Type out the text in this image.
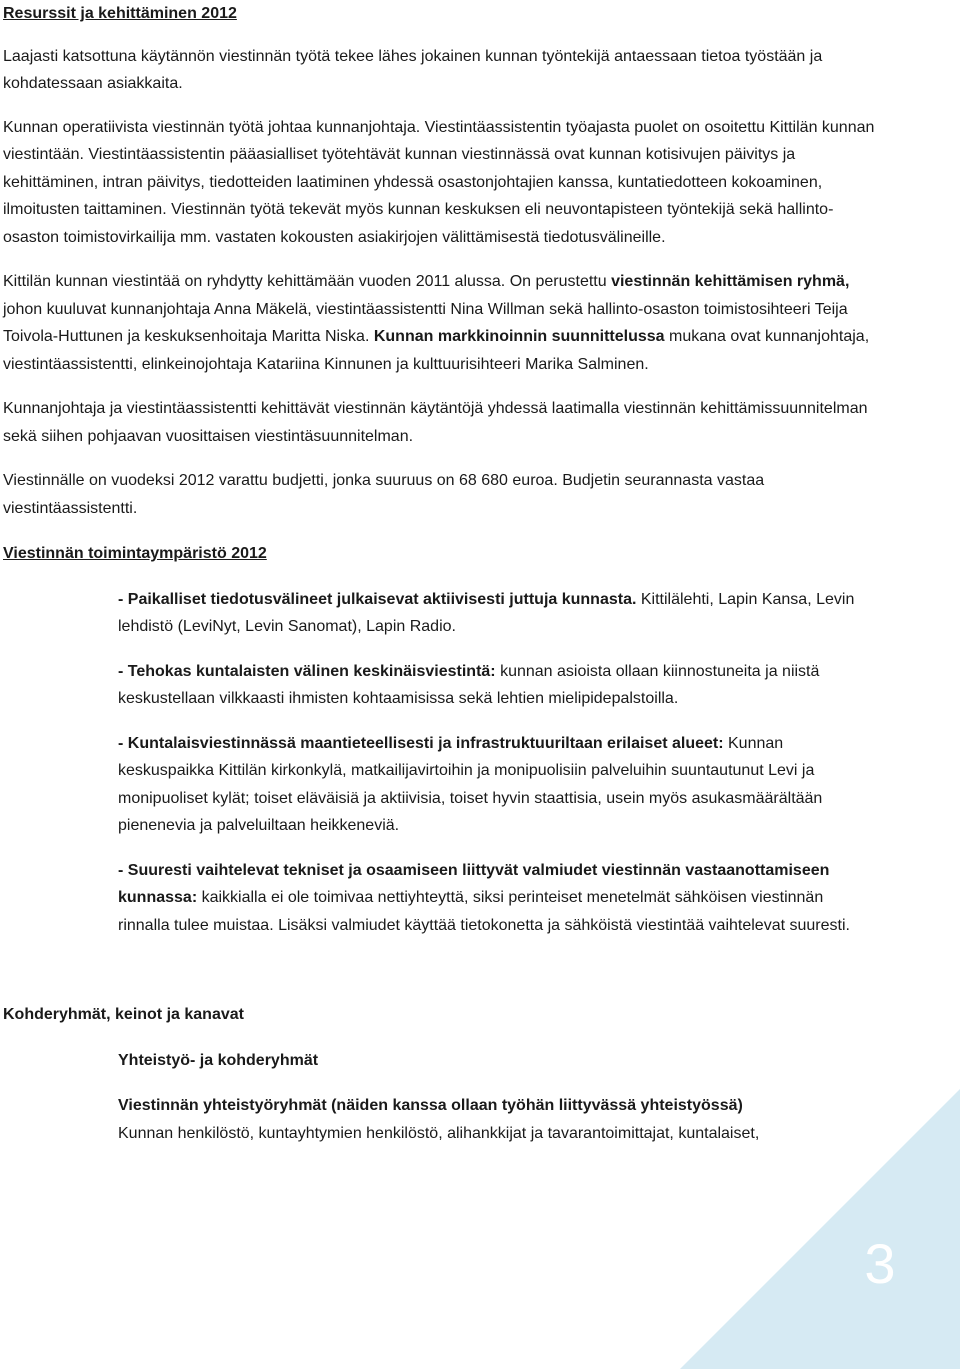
3

Resurssit ja kehittäminen 2012

Laajasti katsottuna käytännön viestinnän työtä tekee lähes jokainen kunnan työntekijä antaessaan tietoa työstään ja kohdatessaan asiakkaita.

Kunnan operatiivista viestinnän työtä johtaa kunnanjohtaja. Viestintäassistentin työajasta puolet on osoitettu Kittilän kunnan viestintään. Viestintäassistentin pääasialliset työtehtävät kunnan viestinnässä ovat kunnan kotisivujen päivitys ja kehittäminen, intran päivitys, tiedotteiden laatiminen yhdessä osastonjohtajien kanssa, kuntatiedotteen kokoaminen, ilmoitusten taittaminen. Viestinnän työtä tekevät myös kunnan keskuksen eli neuvontapisteen työntekijä sekä hallinto-osaston toimistovirkailija mm. vastaten kokousten asiakirjojen välittämisestä tiedotusvälineille.

Kittilän kunnan viestintää on ryhdytty kehittämään vuoden 2011 alussa. On perustettu viestinnän kehittämisen ryhmä, johon kuuluvat kunnanjohtaja Anna Mäkelä, viestintäassistentti Nina Willman sekä hallinto-osaston toimistosihteeri Teija Toivola-Huttunen ja keskuksenhoitaja Maritta Niska. Kunnan markkinoinnin suunnittelussa mukana ovat kunnanjohtaja, viestintäassistentti, elinkeinojohtaja Katariina Kinnunen ja kulttuurisihteeri Marika Salminen.

Kunnanjohtaja ja viestintäassistentti kehittävät viestinnän käytäntöjä yhdessä laatimalla viestinnän kehittämissuunnitelman sekä siihen pohjaavan vuosittaisen viestintäsuunnitelman.

Viestinnälle on vuodeksi 2012 varattu budjetti, jonka suuruus on 68 680 euroa. Budjetin seurannasta vastaa viestintäassistentti.

Viestinnän toimintaympäristö 2012

- Paikalliset tiedotusvälineet julkaisevat aktiivisesti juttuja kunnasta. Kittilälehti, Lapin Kansa, Levin lehdistö (LeviNyt, Levin Sanomat), Lapin Radio.

- Tehokas kuntalaisten välinen keskinäisviestintä: kunnan asioista ollaan kiinnostuneita ja niistä keskustellaan vilkkaasti ihmisten kohtaamisissa sekä lehtien mielipidepalstoilla.

- Kuntalaisviestinnässä maantieteellisesti ja infrastruktuuriltaan erilaiset alueet: Kunnan keskuspaikka Kittilän kirkonkylä, matkailijavirtoihin ja monipuolisiin palveluihin suuntautunut Levi ja monipuoliset kylät; toiset eläväisiä ja aktiivisia, toiset hyvin staattisia, usein myös asukasmäärältään pienenevia ja palveluiltaan heikkeneviä.

- Suuresti vaihtelevat tekniset ja osaamiseen liittyvät valmiudet viestinnän vastaanottamiseen kunnassa: kaikkialla ei ole toimivaa nettiyhteyttä, siksi perinteiset menetelmät sähköisen viestinnän rinnalla tulee muistaa. Lisäksi valmiudet käyttää tietokonetta ja sähköistä viestintää vaihtelevat suuresti.

Kohderyhmät, keinot ja kanavat

Yhteistyö- ja kohderyhmät

Viestinnän yhteistyöryhmät (näiden kanssa ollaan työhän liittyvässä yhteistyössä)

Kunnan henkilöstö, kuntayhtymien henkilöstö, alihankkijat ja tavarantoimittajat, kuntalaiset,
